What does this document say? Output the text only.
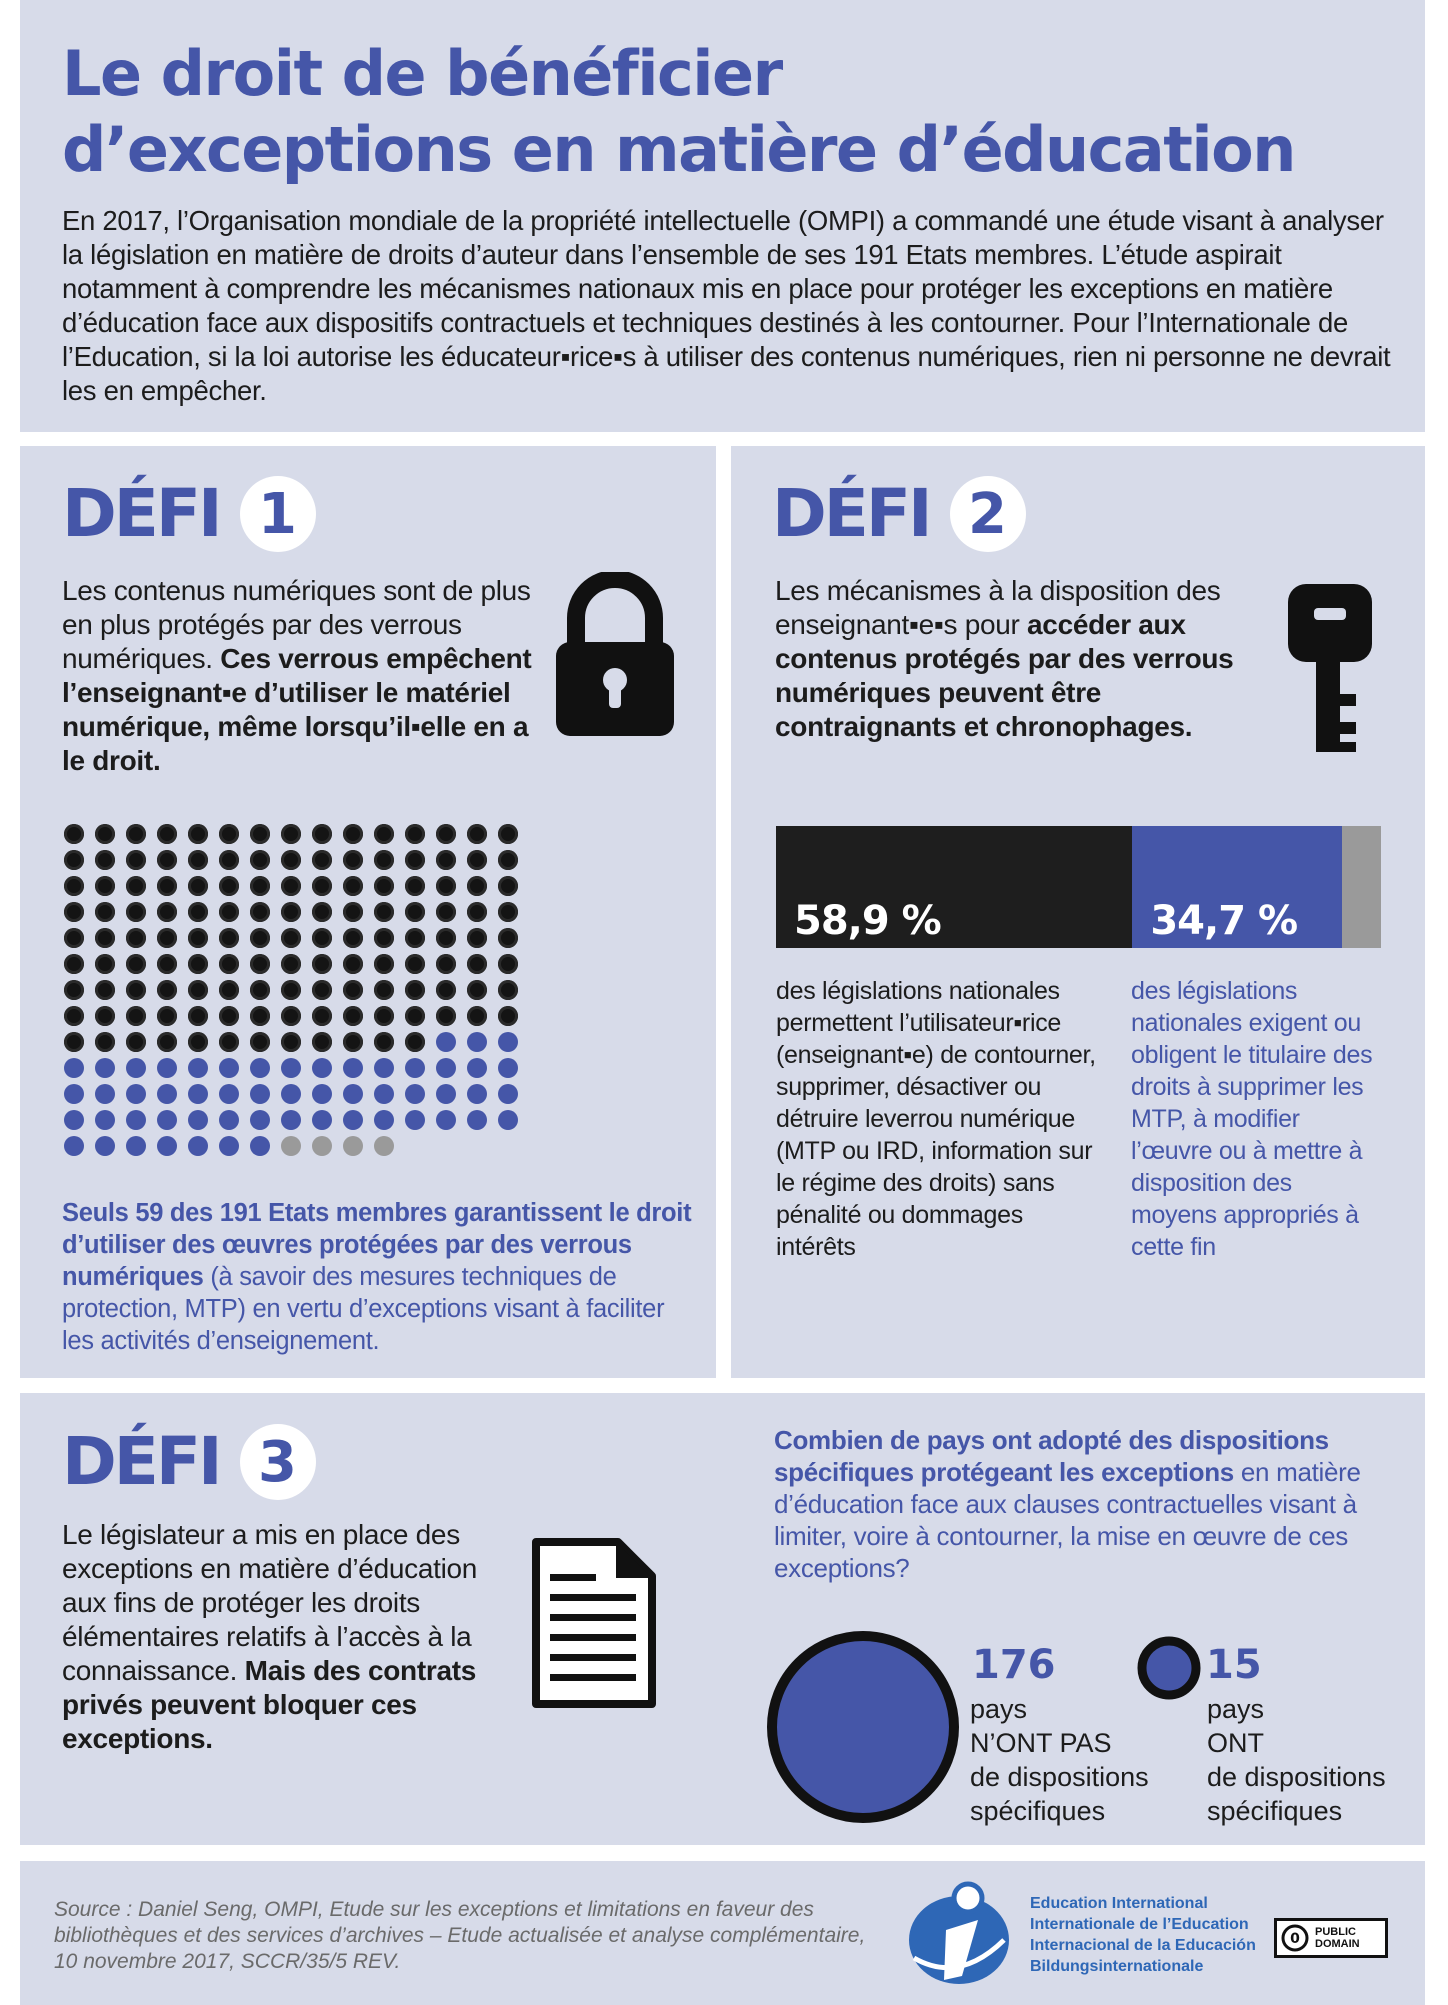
Le droit de bénéficier
d’exceptions en matière d’éducation
En 2017, l’Organisation mondiale de la propriété intellectuelle (OMPI) a commandé une étude visant à analyser la législation en matière de droits d’auteur dans l’ensemble de ses 191 Etats membres. L’étude aspirait notamment à comprendre les mécanismes nationaux mis en place pour protéger les exceptions en matière d’éducation face aux dispositifs contractuels et techniques destinés à les contourner. Pour l’Internationale de l’Education, si la loi autorise les éducateur▪rice▪s à utiliser des contenus numériques, rien ni personne ne devrait les en empêcher.
DÉFI 1
Les contenus numériques sont de plus en plus protégés par des verrous numériques. Ces verrous empêchent l’enseignant▪e d’utiliser le matériel numérique, même lorsqu’il▪elle en a le droit.
Seuls 59 des 191 Etats membres garantissent le droit d’utiliser des œuvres protégées par des verrous numériques (à savoir des mesures techniques de protection, MTP) en vertu d’exceptions visant à faciliter les activités d’enseignement.
DÉFI 2
Les mécanismes à la disposition des enseignant▪e▪s pour accéder aux contenus protégés par des verrous numériques peuvent être contraignants et chronophages.
58,9 %	34,7 %
des législations nationales permettent l’utilisateur▪rice (enseignant▪e) de contourner, supprimer, désactiver ou détruire leverrou numérique (MTP ou IRD, information sur le régime des droits) sans pénalité ou dommages intérêts
des législations nationales exigent ou obligent le titulaire des droits à supprimer les MTP, à modifier l’œuvre ou à mettre à disposition des moyens appropriés à cette fin
DÉFI 3
Le législateur a mis en place des exceptions en matière d’éducation aux fins de protéger les droits élémentaires relatifs à l’accès à la connaissance. Mais des contrats privés peuvent bloquer ces exceptions.
Combien de pays ont adopté des dispositions spécifiques protégeant les exceptions en matière d’éducation face aux clauses contractuelles visant à limiter, voire à contourner, la mise en œuvre de ces exceptions?
176
pays
N’ONT PAS
de dispositions
spécifiques
15
pays
ONT
de dispositions
spécifiques
Source : Daniel Seng, OMPI, Etude sur les exceptions et limitations en faveur des bibliothèques et des services d’archives – Etude actualisée et analyse complémentaire, 10 novembre 2017, SCCR/35/5 REV.
Education International
Internationale de l’Education
Internacional de la Educación
Bildungsinternationale
0 PUBLIC
DOMAIN
